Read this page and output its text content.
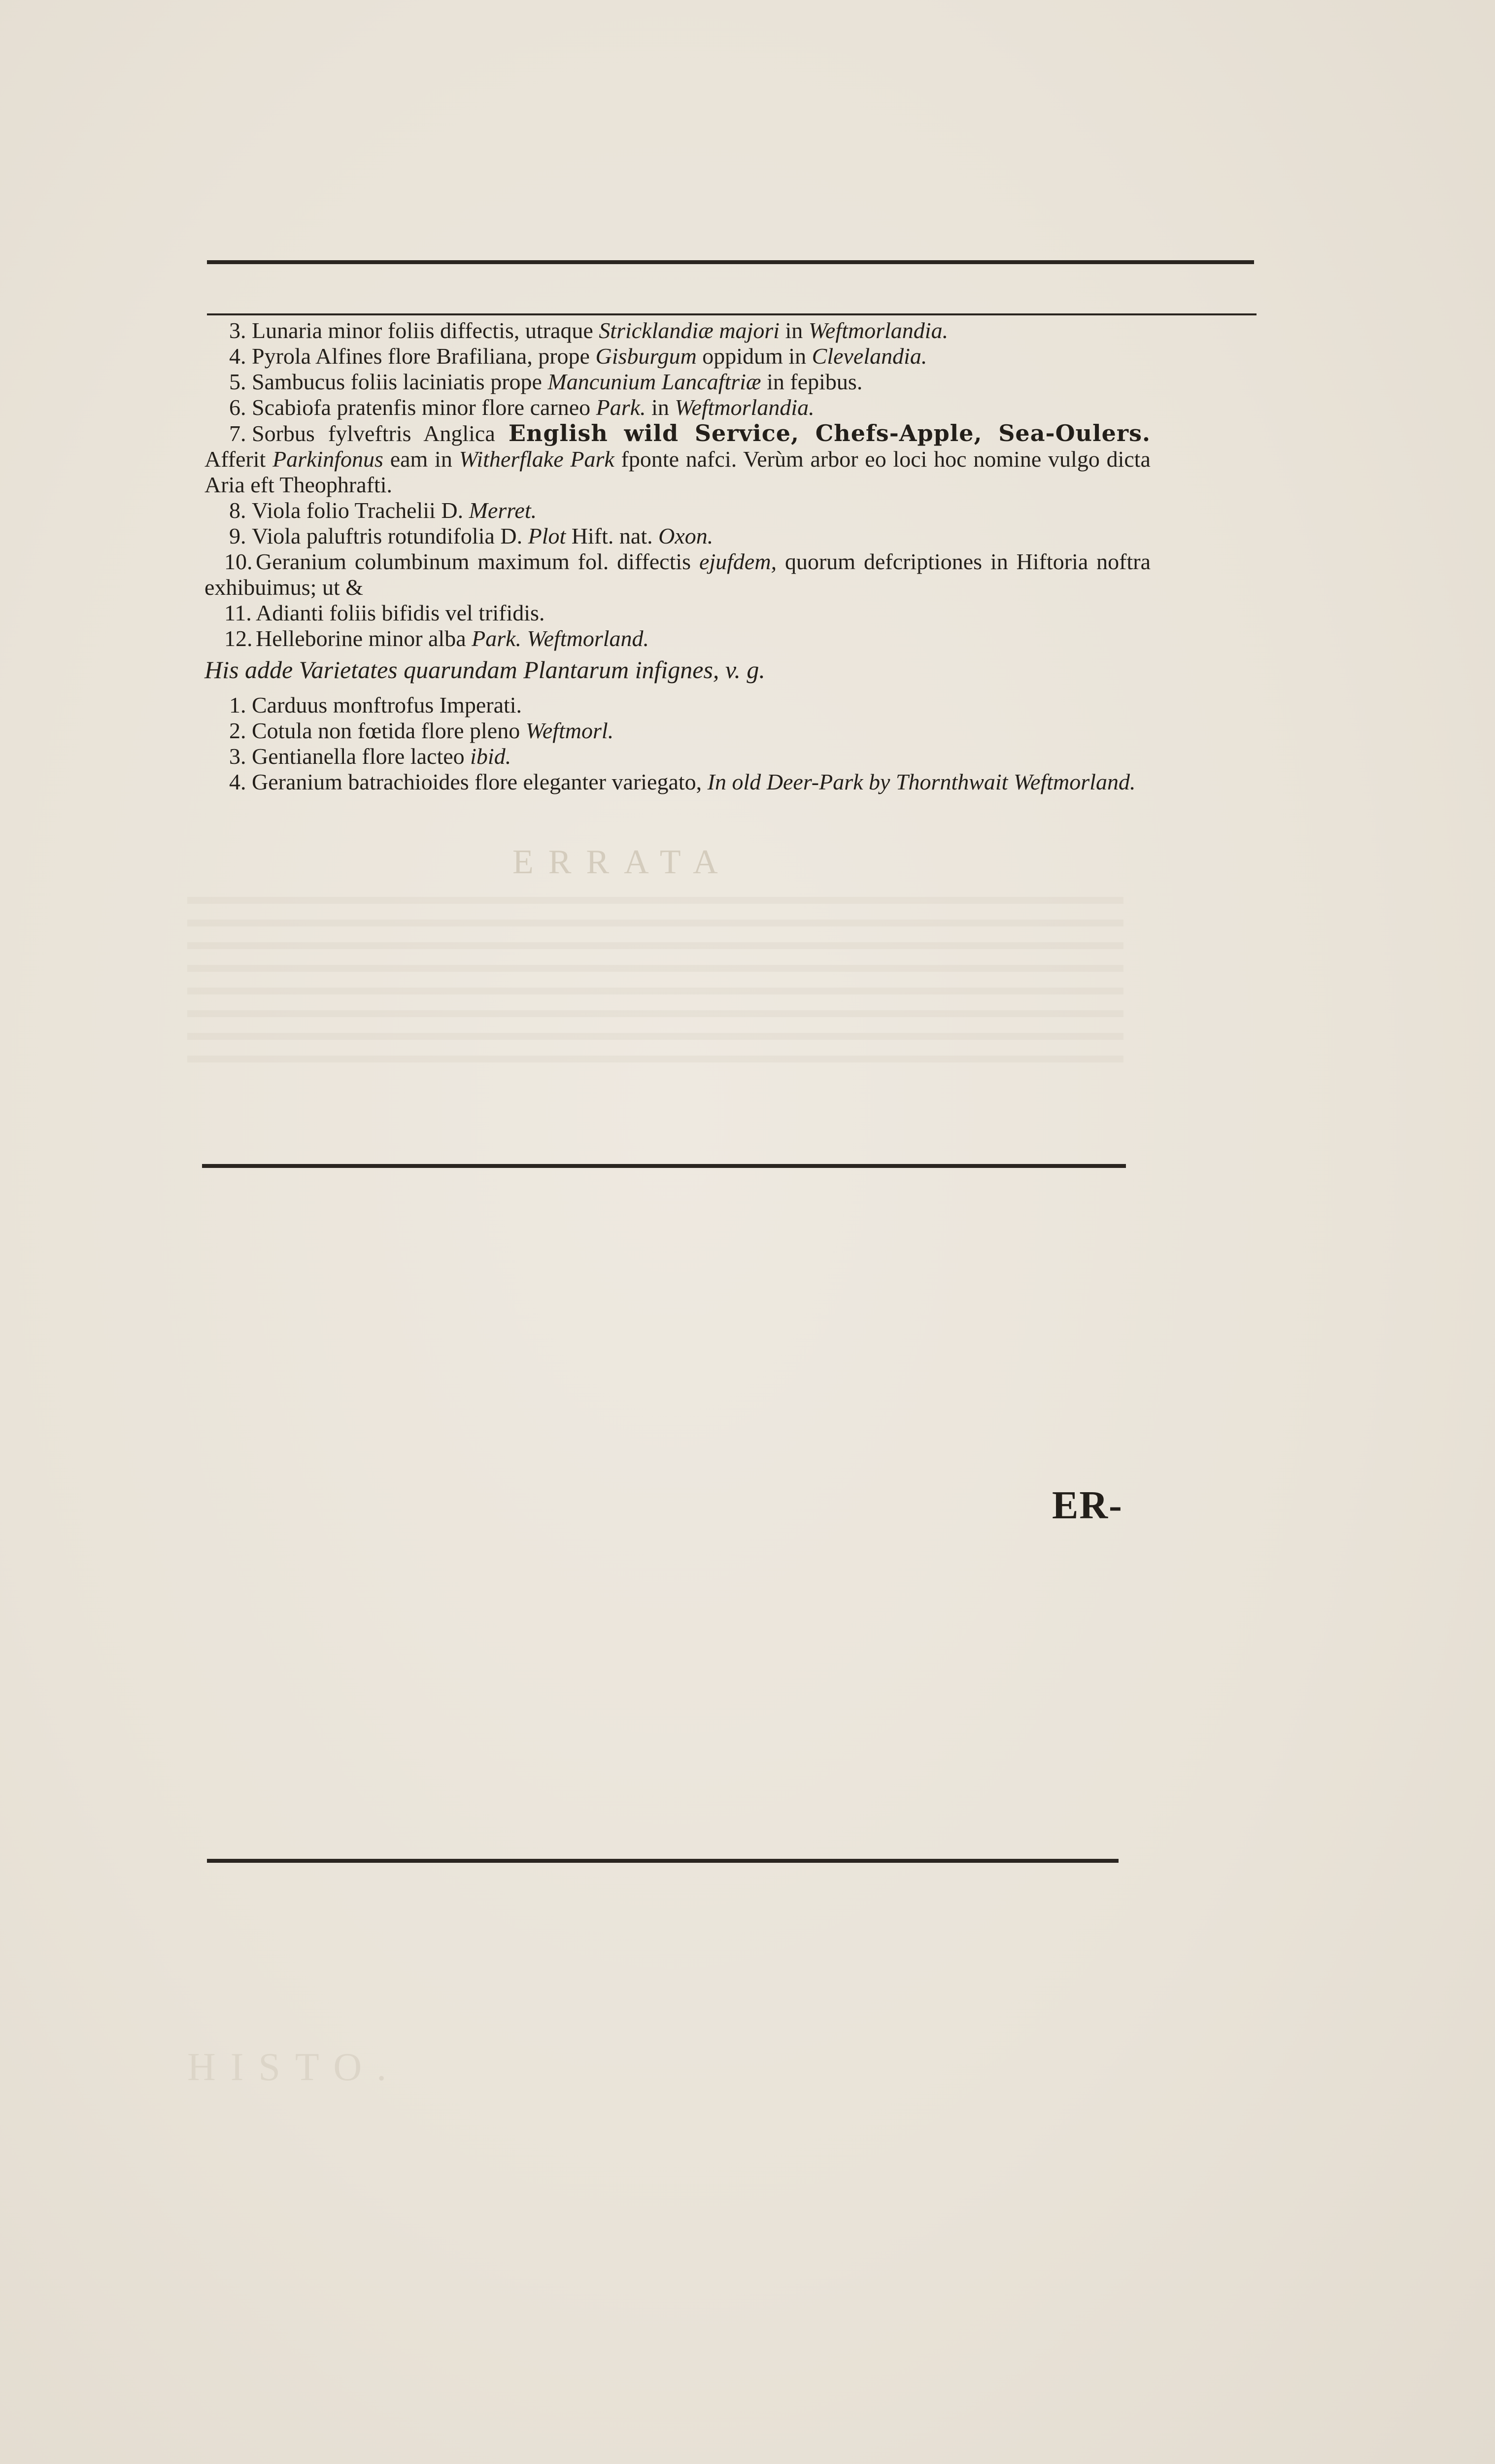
3. Lunaria minor foliis diffectis, utraque Stricklandiæ majori in Weftmorlandia.
4. Pyrola Alfines flore Brafiliana, prope Gisburgum oppidum in Clevelandia.
5. Sambucus foliis laciniatis prope Mancunium Lancaftriæ in fepibus.
6. Scabiofa pratenfis minor flore carneo Park. in Weftmorlandia.
7. Sorbus fylveftris Anglica English wild Service, Chefs-Apple, Sea-Oulers. Afferit Parkinfonus eam in Witherflake Park fponte nafci. Verùm arbor eo loci hoc nomine vulgo dicta Aria eft Theophrafti.
8. Viola folio Trachelii D. Merret.
9. Viola paluftris rotundifolia D. Plot Hift. nat. Oxon.
10. Geranium columbinum maximum fol. diffectis ejufdem, quorum defcriptiones in Hiftoria noftra exhibuimus; ut &
11. Adianti foliis bifidis vel trifidis.
12. Helleborine minor alba Park. Weftmorland.
His adde Varietates quarundam Plantarum infignes, v. g.
1. Carduus monftrofus Imperati.
2. Cotula non fœtida flore pleno Weftmorl.
3. Gentianella flore lacteo ibid.
4. Geranium batrachioides flore eleganter variegato, In old Deer-Park by Thornthwait Weftmorland.
ERRATA
ER-
HISTO.
